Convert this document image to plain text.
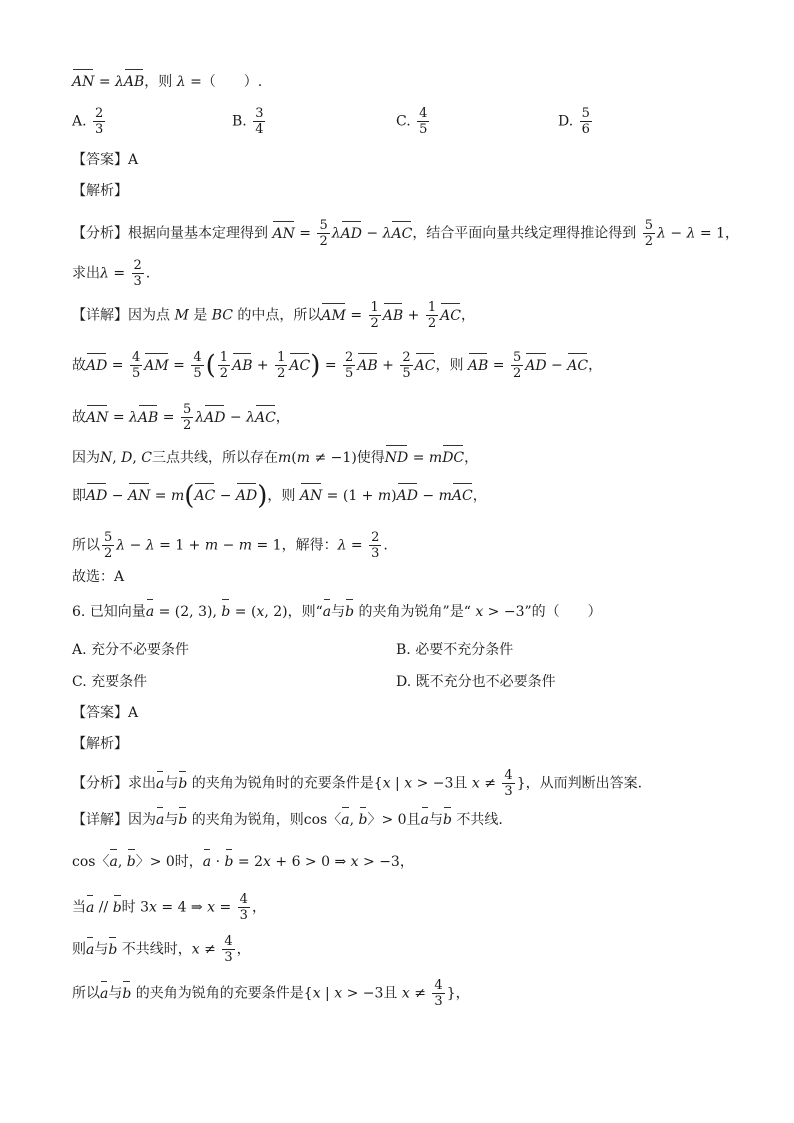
AN = λAB，则 λ =（　　）.
A. $\frac{2}{3}$	B. $\frac{3}{4}$	C. $\frac{4}{5}$	D. $\frac{5}{6}$
【答案】A
【解析】
【分析】根据向量基本定理得到 AN = $\frac{5}{2}$ λAD − λAC，结合平面向量共线定理得推论得到 $\frac{5}{2}$ λ − λ = 1，
求出$\lambda = \frac{2}{3}$ .
【详解】因为点 M 是 BC 的中点，所以AM = $\frac{1}{2}$ AB + $\frac{1}{2}$ AC，
故AD = $\frac{4}{5}$ AM = $\frac{4}{5}$ ( $\frac{1}{2}$ AB + $\frac{1}{2} AC) = \frac{2}{5}$ AB + $\frac{2}{5}$ AC，则 AB = $\frac{5}{2}$ AD − AC，
故AN = $\lambda AB = \frac{5}{2}$ λAD − λAC，
因为N, D, C三点共线，所以存在m(m ≠ −1)使得ND = mDC，
即AD − AN = m(AC − AD)，则 AN = (1 + m)AD − mAC，
所以 $\frac{5}{2}$ λ − λ = 1 + m − m = 1，解得：$\lambda = \frac{2}{3}$ .
故选：A
6. 已知向量a = (2, 3), b = (x, 2)，则“a与b 的夹角为锐角”是“ x > −3”的（　　）
A. 充分不必要条件	B. 必要不充分条件
C. 充要条件	D. 既不充分也不必要条件
【答案】A
【解析】
【分析】求出a与b 的夹角为锐角时的充要条件是{x | x > −3且 $x \ne \frac{4}{3}$ }，从而判断出答案.
【详解】因为a与b 的夹角为锐角，则cos〈a, b〉> 0且a与b 不共线.
cos〈a, b〉> 0时，a · b = 2x + 6 > 0 ⇒ x > −3，
当a // b时 3x = 4 ⇒ $x = \frac{4}{3}$ ，
则a与b 不共线时，$x \ne \frac{4}{3}$ ，
所以a与b 的夹角为锐角的充要条件是{x | x > −3且 $x \ne \frac{4}{3}$ }，
